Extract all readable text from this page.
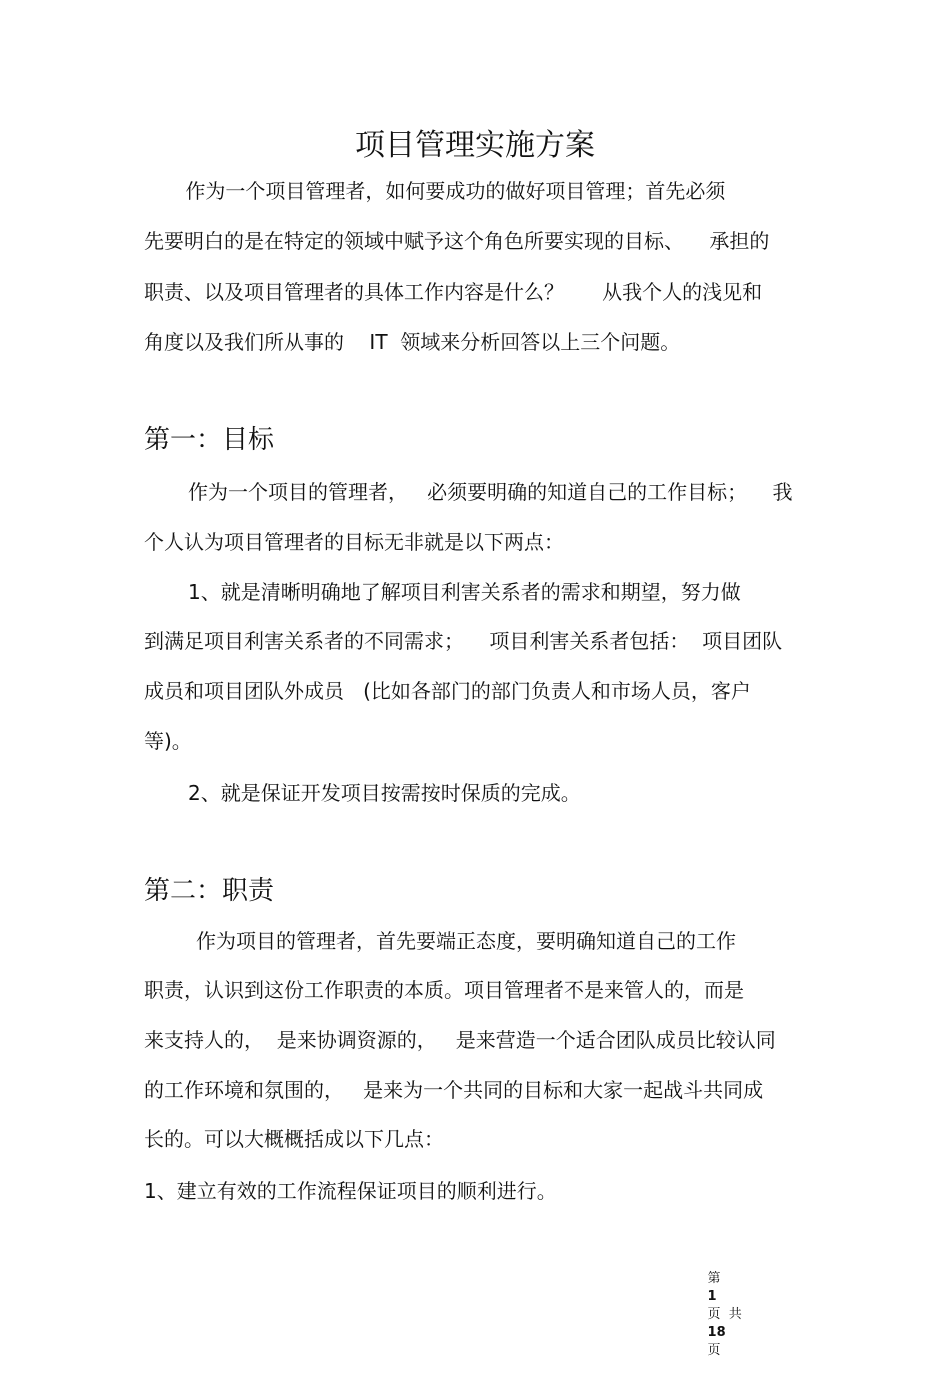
项目管理实施方案
作为一个项目管理者，如何要成功的做好项目管理；首先必须
先要明白的是在特定的领域中赋予这个角色所要实现的目标、    承担的
职责、以及项目管理者的具体工作内容是什么？      从我个人的浅见和
角度以及我们所从事的    IT  领域来分析回答以上三个问题。
第一：目标
作为一个项目的管理者，   必须要明确的知道自己的工作目标；    我
个人认为项目管理者的目标无非就是以下两点：
1、就是清晰明确地了解项目利害关系者的需求和期望，努力做
到满足项目利害关系者的不同需求；    项目利害关系者包括：  项目团队
成员和项目团队外成员   (比如各部门的部门负责人和市场人员，客户
等)。
2、就是保证开发项目按需按时保质的完成。
第二：职责
作为项目的管理者，首先要端正态度，要明确知道自己的工作
职责，认识到这份工作职责的本质。项目管理者不是来管人的，而是
来支持人的，  是来协调资源的，   是来营造一个适合团队成员比较认同
的工作环境和氛围的，   是来为一个共同的目标和大家一起战斗共同成
长的。可以大概概括成以下几点：
1、建立有效的工作流程保证项目的顺利进行。

第
1
页  共
18
页
